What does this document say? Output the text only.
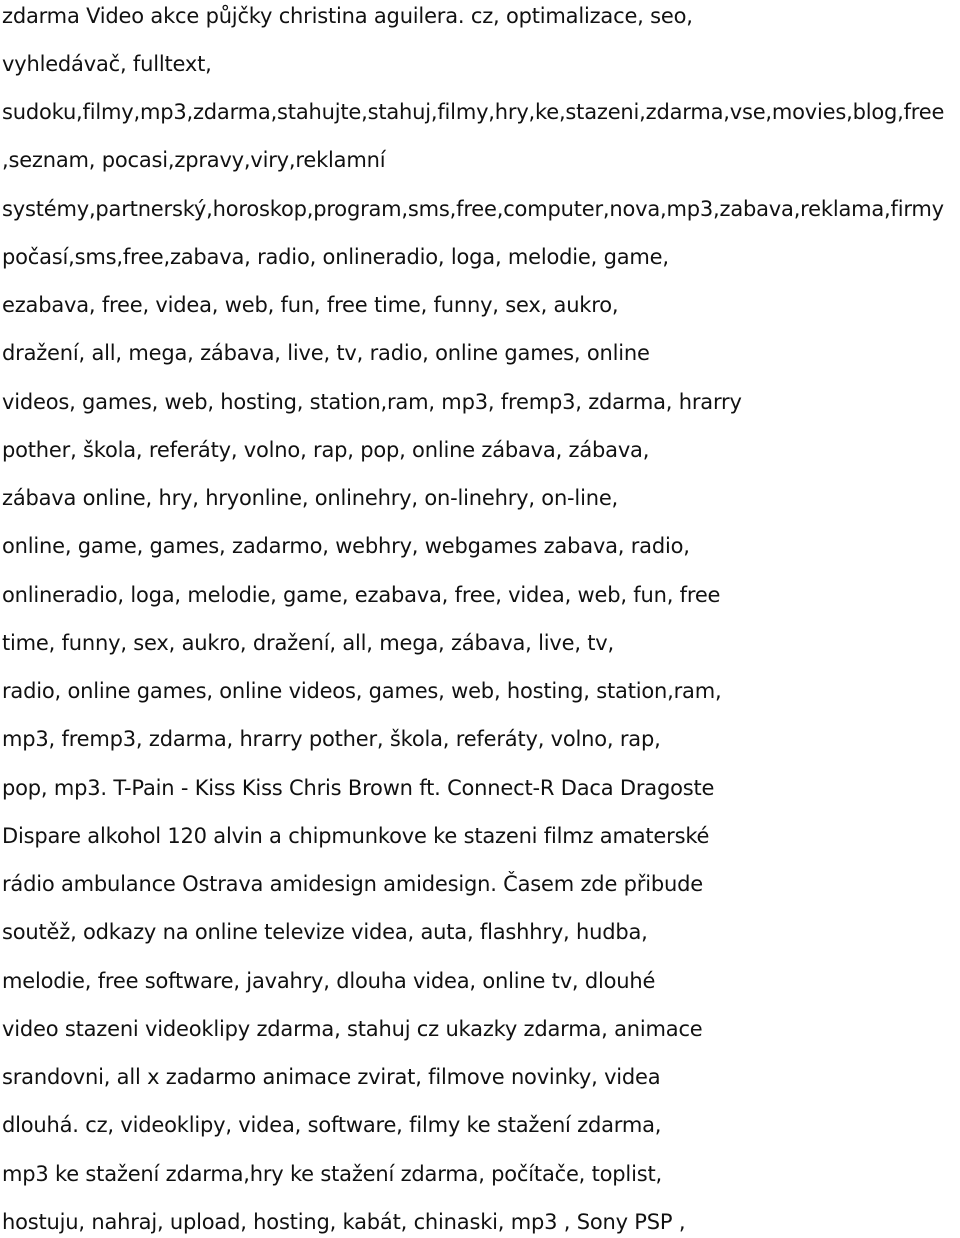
zdarma Video akce půjčky christina aguilera. cz, optimalizace, seo,
vyhledávač, fulltext,
sudoku,filmy,mp3,zdarma,stahujte,stahuj,filmy,hry,ke,stazeni,zdarma,vse,movies,blog,free
,seznam, pocasi,zpravy,viry,reklamní
systémy,partnerský,horoskop,program,sms,free,computer,nova,mp3,zabava,reklama,firmy
počasí,sms,free,zabava, radio, onlineradio, loga, melodie, game,
ezabava, free, videa, web, fun, free time, funny, sex, aukro,
dražení, all, mega, zábava, live, tv, radio, online games, online
videos, games, web, hosting, station,ram, mp3, fremp3, zdarma, hrarry
pother, škola, referáty, volno, rap, pop, online zábava, zábava,
zábava online, hry, hryonline, onlinehry, on-linehry, on-line,
online, game, games, zadarmo, webhry, webgames zabava, radio,
onlineradio, loga, melodie, game, ezabava, free, videa, web, fun, free
time, funny, sex, aukro, dražení, all, mega, zábava, live, tv,
radio, online games, online videos, games, web, hosting, station,ram,
mp3, fremp3, zdarma, hrarry pother, škola, referáty, volno, rap,
pop, mp3. T-Pain - Kiss Kiss Chris Brown ft. Connect-R Daca Dragoste
Dispare alkohol 120 alvin a chipmunkove ke stazeni filmz amaterské
rádio ambulance Ostrava amidesign amidesign. Časem zde přibude
soutěž, odkazy na online televize videa, auta, flashhry, hudba,
melodie, free software, javahry, dlouha videa, online tv, dlouhé
video stazeni videoklipy zdarma, stahuj cz ukazky zdarma, animace
srandovni, all x zadarmo animace zvirat, filmove novinky, videa
dlouhá. cz, videoklipy, videa, software, filmy ke stažení zdarma,
mp3 ke stažení zdarma,hry ke stažení zdarma, počítače, toplist,
hostuju, nahraj, upload, hosting, kabát, chinaski, mp3 , Sony PSP ,
